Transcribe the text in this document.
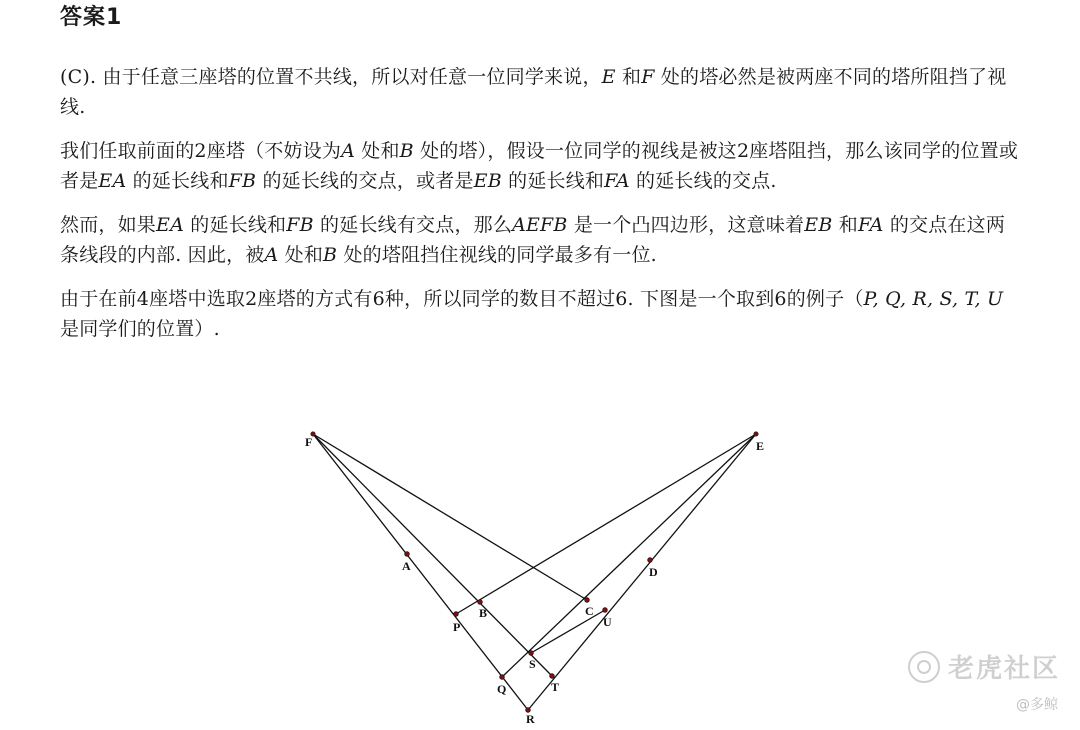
答案1

(C). 由于任意三座塔的位置不共线，所以对任意一位同学来说，E 和F 处的塔必然是被两座不同的塔所阻挡了视线.

我们任取前面的2座塔（不妨设为A 处和B 处的塔），假设一位同学的视线是被这2座塔阻挡，那么该同学的位置或者是EA 的延长线和FB 的延长线的交点，或者是EB 的延长线和FA 的延长线的交点.

然而，如果EA 的延长线和FB 的延长线有交点，那么AEFB 是一个凸四边形，这意味着EB 和FA 的交点在这两条线段的内部. 因此，被A 处和B 处的塔阻挡住视线的同学最多有一位.

由于在前4座塔中选取2座塔的方式有6种，所以同学的数目不超过6. 下图是一个取到6的例子（P, Q, R, S, T, U 是同学们的位置）.

F	E
A
B	C
D
P
Q
R
S
T
U
老虎社区
@多鲸
